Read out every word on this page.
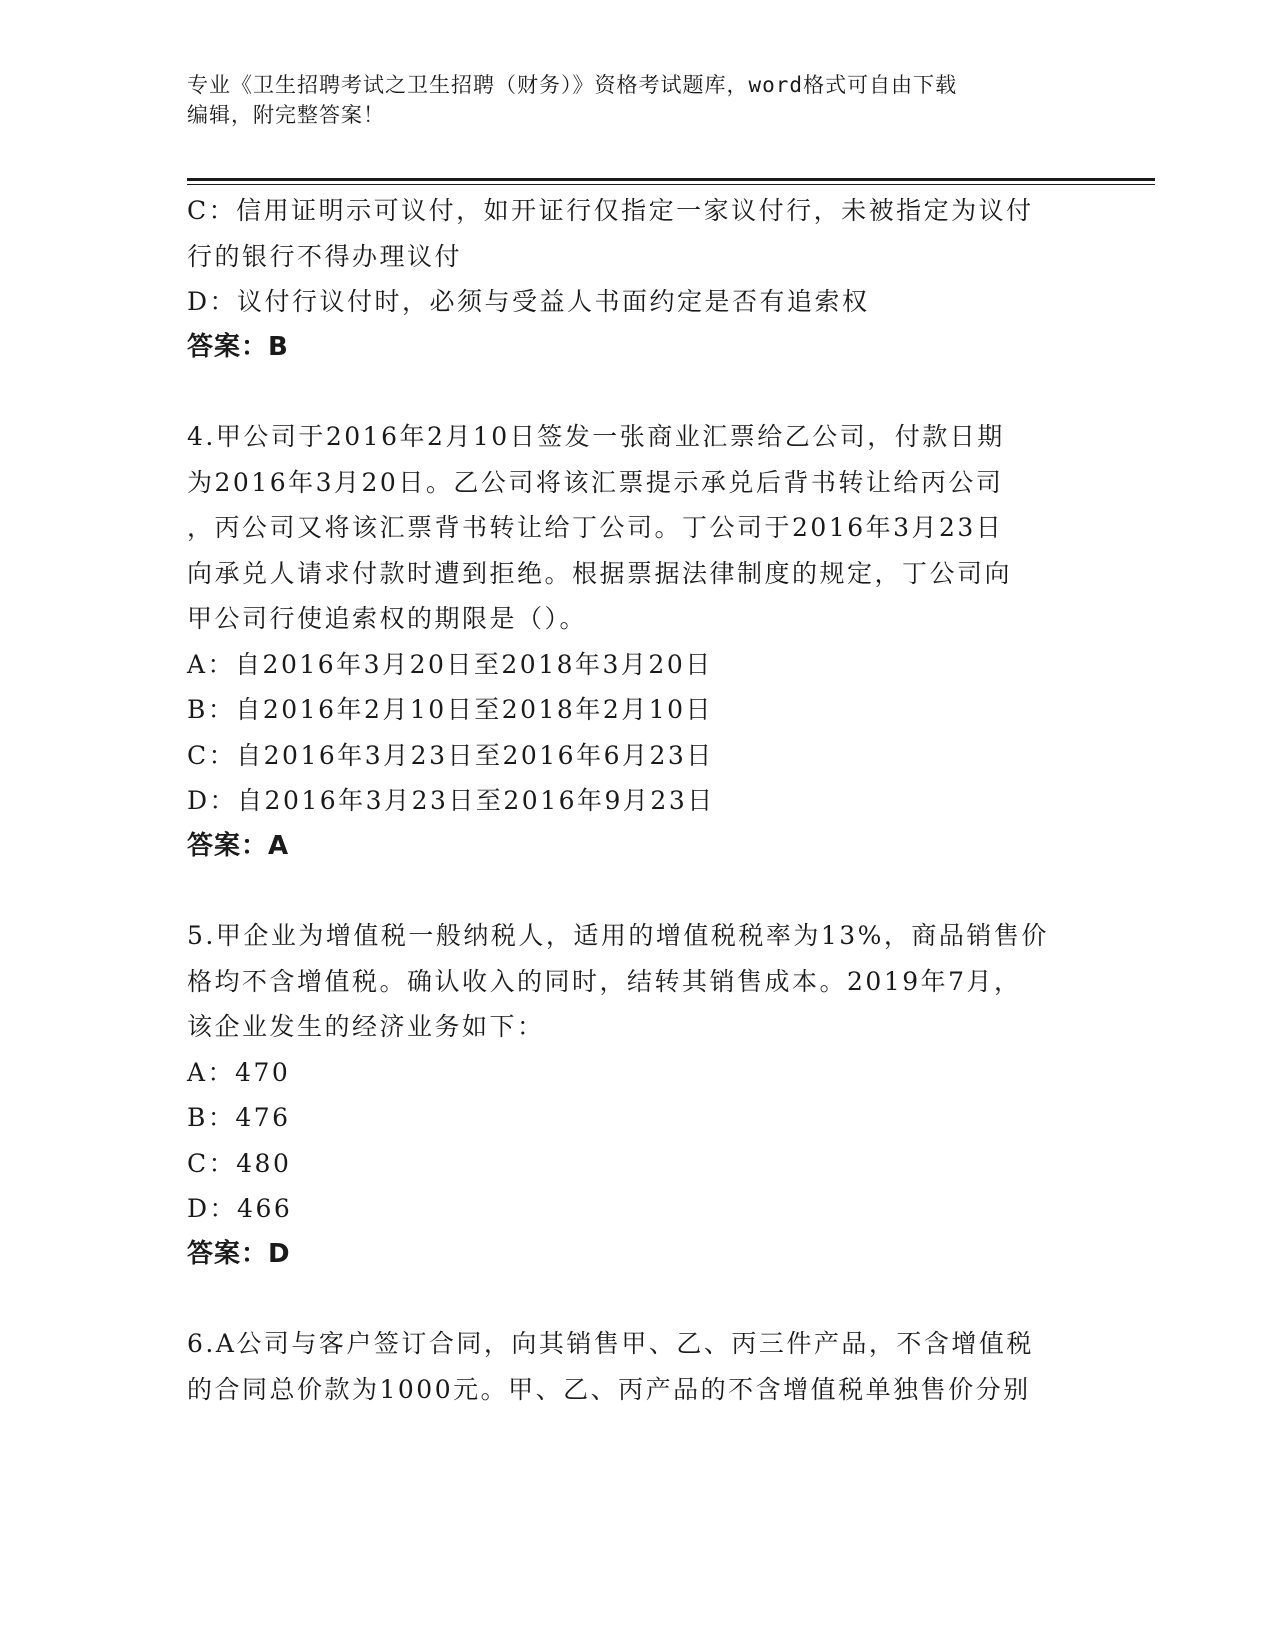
专业《卫生招聘考试之卫生招聘（财务）》资格考试题库，word格式可自由下载
编辑，附完整答案！
C：信用证明示可议付，如开证行仅指定一家议付行，未被指定为议付
行的银行不得办理议付
D：议付行议付时，必须与受益人书面约定是否有追索权
答案：B
4.甲公司于2016年2月10日签发一张商业汇票给乙公司，付款日期
为2016年3月20日。乙公司将该汇票提示承兑后背书转让给丙公司
，丙公司又将该汇票背书转让给丁公司。丁公司于2016年3月23日
向承兑人请求付款时遭到拒绝。根据票据法律制度的规定，丁公司向
甲公司行使追索权的期限是（）。
A：自2016年3月20日至2018年3月20日
B：自2016年2月10日至2018年2月10日
C：自2016年3月23日至2016年6月23日
D：自2016年3月23日至2016年9月23日
答案：A
5.甲企业为增值税一般纳税人，适用的增值税税率为13%，商品销售价
格均不含增值税。确认收入的同时，结转其销售成本。2019年7月，
该企业发生的经济业务如下：
A：470
B：476
C：480
D：466
答案：D
6.A公司与客户签订合同，向其销售甲、乙、丙三件产品，不含增值税
的合同总价款为1000元。甲、乙、丙产品的不含增值税单独售价分别
